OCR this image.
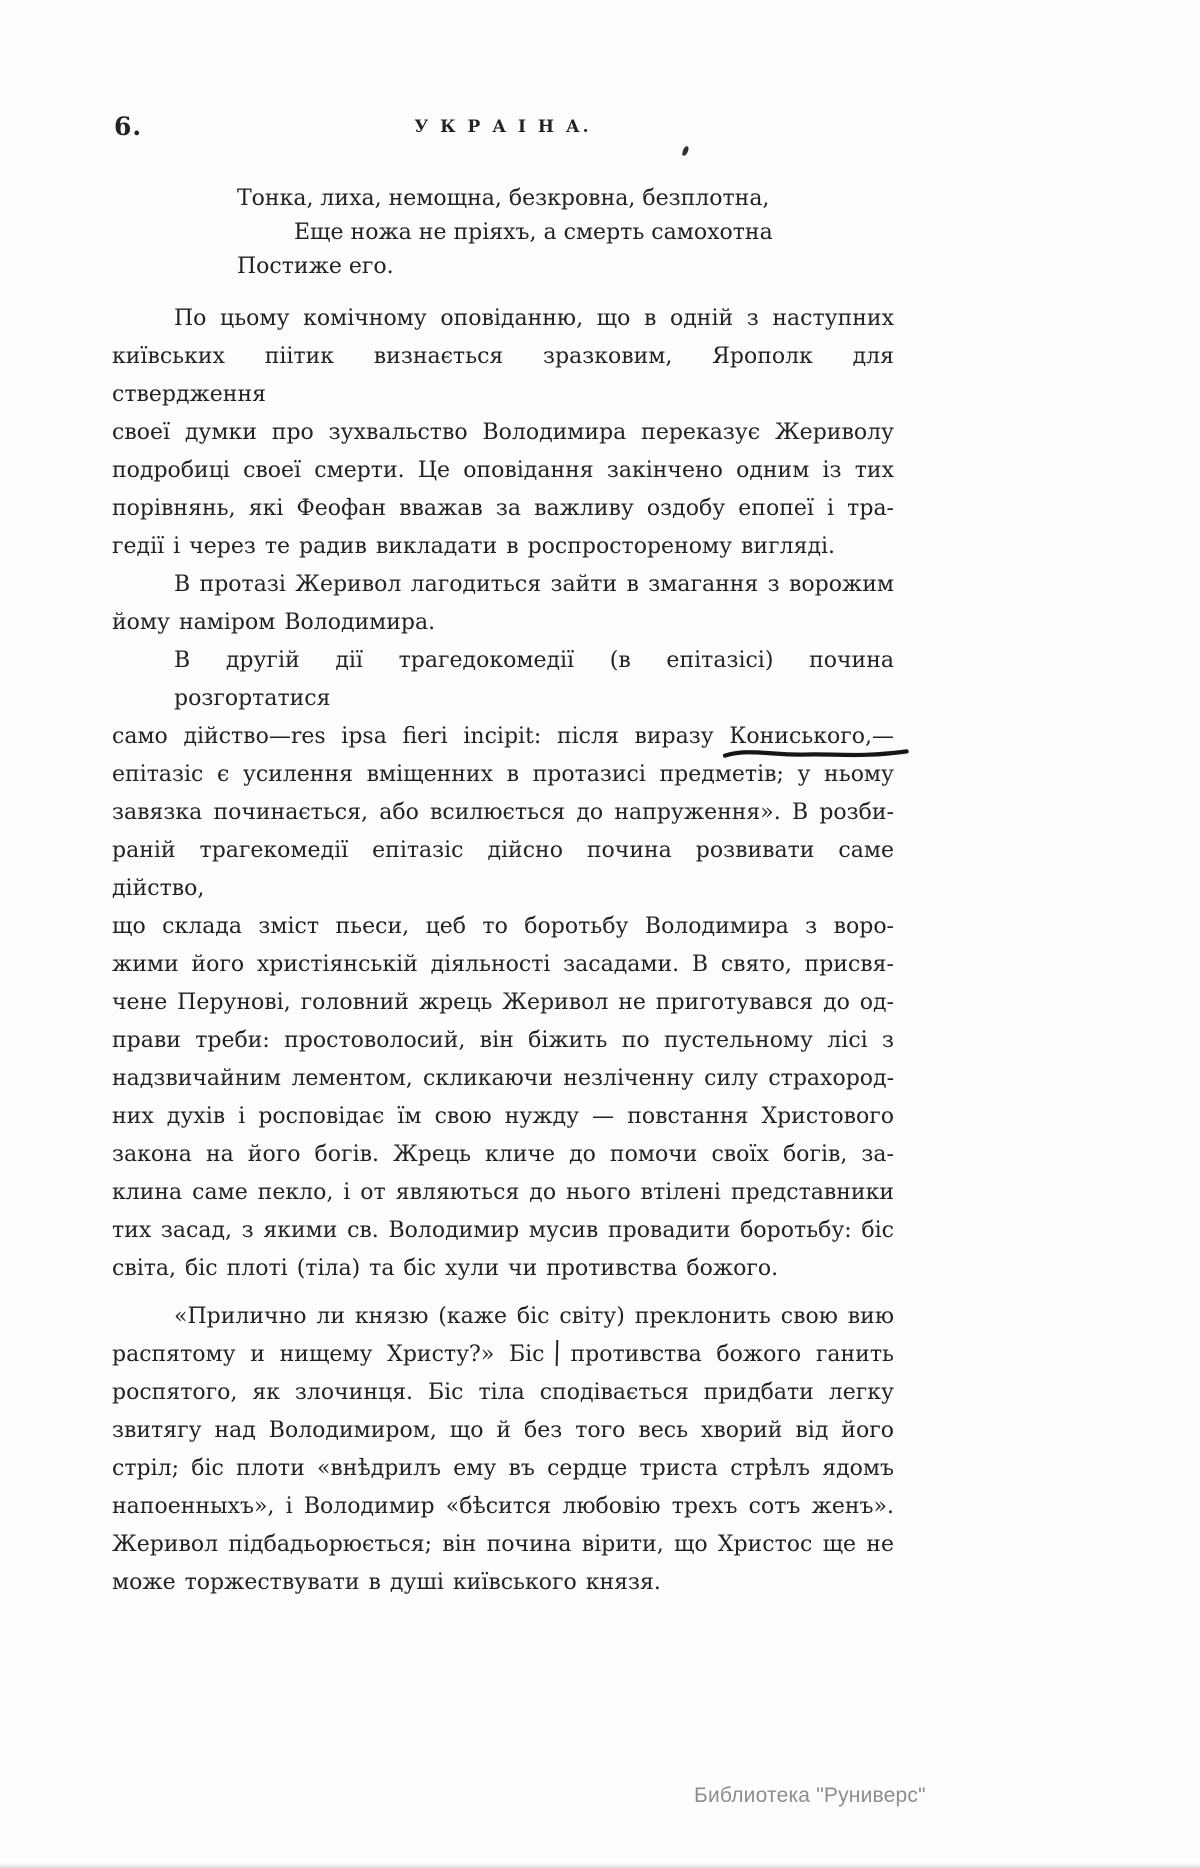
6.	У К Р А І Н А.
Тонка, лиха, немощна, безкровна, безплотна,
Еще ножа не пріяхъ, а смерть самохотна
Постиже его.
По цьому комічному оповіданню, що в одній з наступних
київських піітик визнається зразковим, Ярополк для ствердження
своеї думки про зухвальство Володимира переказує Жериволу
подробиці своеї смерти. Це оповідання закінчено одним із тих
порівнянь, які Феофан вважав за важливу оздобу епопеї і тра-
гедії і через те радив викладати в роспросторенoму вигляді.
В протазі Жеривол лагодиться зайти в змагання з ворожим
йому наміром Володимира.
В другій дії трагедокомедії (в епітазісі) почина розгортатися
само дійство—res ipsa fieri incipit: після виразу Кониського,—
епітазіс є усилення вміщенних в протазисі предметів; у ньому
завязка починається, або всилюється до напруження». В розби-
раній трагекомедії епітазіс дійсно почина розвивати саме дійство,
що склада зміст пьеси, цеб то боротьбу Володимира з воро-
жими його христіянській діяльності засадами. В свято, присвя-
чене Перунові, головний жрець Жеривол не приготувався до од-
прави треби: простоволосий, він біжить по пустельному лісі з
надзвичайним лементом, скликаючи незліченну силу страхород-
них духів і росповідає їм свою нужду — повстання Христового
закона на його богів. Жрець кличе до помочи своїх богів, за-
клина саме пекло, і от являються до нього втілені представники
тих засад, з якими св. Володимир мусив провадити боротьбу: біс
світа, біс плоті (тіла) та біс хули чи противства божого.
«Прилично ли князю (каже біс світу) преклонить свою вию
распятому и нищему Христу?» Біс противства божого ганить
роспятого, як злочинця. Біс тіла сподівається придбати легку
звитягу над Володимиром, що й без того весь хворий від його
стріл; біс плоти «внѣдрилъ ему въ сердце триста стрѣлъ ядомъ
напоенныхъ», і Володимир «бѣсится любовію трехъ сотъ женъ».
Жеривол підбадьорюється; він почина вірити, що Христос ще не
може торжествувати в душі київського князя.
Библиотека "Руниверс"
